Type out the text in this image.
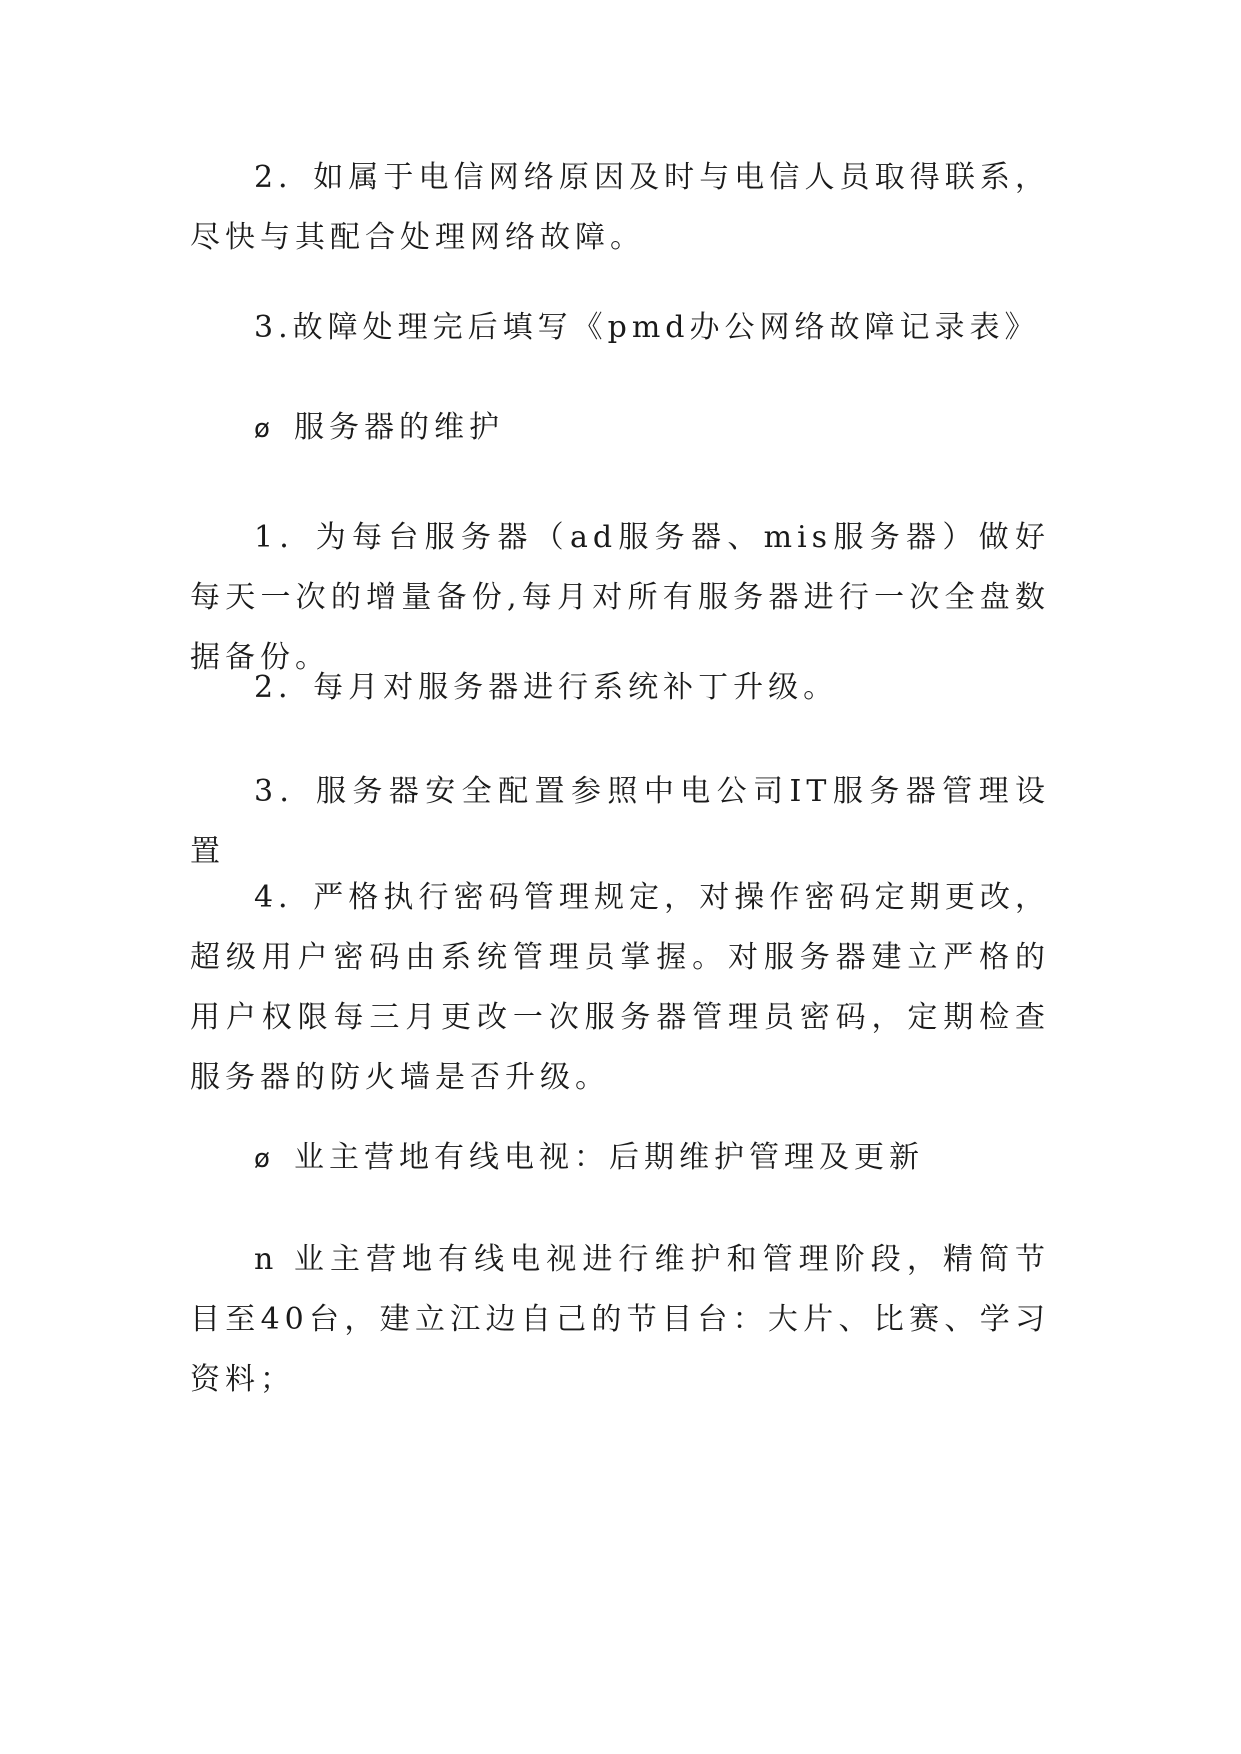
2．如属于电信网络原因及时与电信人员取得联系，尽快与其配合处理网络故障。

3.故障处理完后填写《pmd办公网络故障记录表》

ø 服务器的维护

1．为每台服务器（ad服务器、mis服务器）做好每天一次的增量备份,每月对所有服务器进行一次全盘数据备份。

2．每月对服务器进行系统补丁升级。

3．服务器安全配置参照中电公司IT服务器管理设置

4．严格执行密码管理规定，对操作密码定期更改，超级用户密码由系统管理员掌握。对服务器建立严格的用户权限每三月更改一次服务器管理员密码，定期检查服务器的防火墙是否升级。

ø 业主营地有线电视：后期维护管理及更新

n 业主营地有线电视进行维护和管理阶段，精简节目至40台，建立江边自己的节目台：大片、比赛、学习资料；
